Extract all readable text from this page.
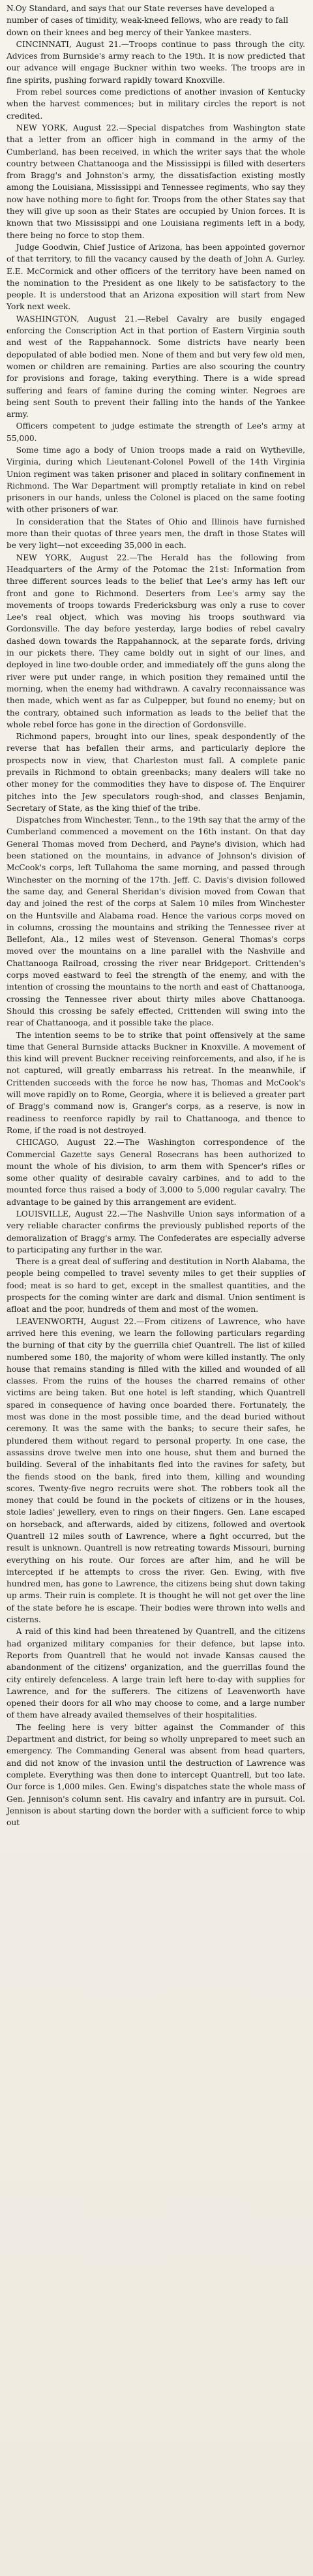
N.Oy Standard, and says that our State reverses have developed a number of cases of timidity, weak-kneed fellows, who are ready to fall down on their knees and beg mercy of their Yankee masters.

CINCINNATI, August 21.—Troops continue to pass through the city. Advices from Burnside's army reach to the 19th. It is now predicted that our advance will engage Buckner within two weeks. The troops are in fine spirits, pushing forward rapidly toward Knoxville.

From rebel sources come predictions of another invasion of Kentucky when the harvest commences; but in military circles the report is not credited.

NEW YORK, August 22.—Special dispatches from Washington state that a letter from an officer high in command in the army of the Cumberland, has been received, in which the writer says that the whole country between Chattanooga and the Mississippi is filled with deserters from Bragg's and Johnston's army, the dissatisfaction existing mostly among the Louisiana, Mississippi and Tennessee regiments, who say they now have nothing more to fight for. Troops from the other States say that they will give up soon as their States are occupied by Union forces. It is known that two Mississippi and one Louisiana regiments left in a body, there being no force to stop them.

Judge Goodwin, Chief Justice of Arizona, has been appointed governor of that territory, to fill the vacancy caused by the death of John A. Gurley. E.E. McCormick and other officers of the territory have been named on the nomination to the President as one likely to be satisfactory to the people. It is understood that an Arizona exposition will start from New York next week.

WASHINGTON, August 21.—Rebel Cavalry are busily engaged enforcing the Conscription Act in that portion of Eastern Virginia south and west of the Rappahannock. Some districts have nearly been depopulated of able bodied men. None of them and but very few old men, women or children are remaining. Parties are also scouring the country for provisions and forage, taking everything. There is a wide spread suffering and fears of famine during the coming winter. Negroes are being sent South to prevent their falling into the hands of the Yankee army.

Officers competent to judge estimate the strength of Lee's army at 55,000.

Some time ago a body of Union troops made a raid on Wytheville, Virginia, during which Lieutenant-Colonel Powell of the 14th Virginia Union regiment was taken prisoner and placed in solitary confinement in Richmond. The War Department will promptly retaliate in kind on rebel prisoners in our hands, unless the Colonel is placed on the same footing with other prisoners of war.

In consideration that the States of Ohio and Illinois have furnished more than their quotas of three years men, the draft in those States will be very light—not exceeding 35,000 in each.

NEW YORK, August 22.—The Herald has the following from Headquarters of the Army of the Potomac the 21st: Information from three different sources leads to the belief that Lee's army has left our front and gone to Richmond. Deserters from Lee's army say the movements of troops towards Fredericksburg was only a ruse to cover Lee's real object, which was moving his troops southward via Gordonsville. The day before yesterday, large bodies of rebel cavalry dashed down towards the Rappahannock, at the separate fords, driving in our pickets there. They came boldly out in sight of our lines, and deployed in line two-double order, and immediately off the guns along the river were put under range, in which position they remained until the morning, when the enemy had withdrawn. A cavalry reconnaissance was then made, which went as far as Culpepper, but found no enemy; but on the contrary, obtained such information as leads to the belief that the whole rebel force has gone in the direction of Gordonsville.

Richmond papers, brought into our lines, speak despondently of the reverse that has befallen their arms, and particularly deplore the prospects now in view, that Charleston must fall. A complete panic prevails in Richmond to obtain greenbacks; many dealers will take no other money for the commodities they have to dispose of. The Enquirer pitches into the Jew speculators rough-shod, and classes Benjamin, Secretary of State, as the king thief of the tribe.

Dispatches from Winchester, Tenn., to the 19th say that the army of the Cumberland commenced a movement on the 16th instant. On that day General Thomas moved from Decherd, and Payne's division, which had been stationed on the mountains, in advance of Johnson's division of McCook's corps, left Tullahoma the same morning, and passed through Winchester on the morning of the 17th. Jeff. C. Davis's division followed the same day, and General Sheridan's division moved from Cowan that day and joined the rest of the corps at Salem 10 miles from Winchester on the Huntsville and Alabama road. Hence the various corps moved on in columns, crossing the mountains and striking the Tennessee river at Bellefont, Ala., 12 miles west of Stevenson. General Thomas's corps moved over the mountains on a line parallel with the Nashville and Chattanooga Railroad, crossing the river near Bridgeport. Crittenden's corps moved eastward to feel the strength of the enemy, and with the intention of crossing the mountains to the north and east of Chattanooga, crossing the Tennessee river about thirty miles above Chattanooga. Should this crossing be safely effected, Crittenden will swing into the rear of Chattanooga, and it possible take the place.

The intention seems to be to strike that point offensively at the same time that General Burnside attacks Buckner in Knoxville. A movement of this kind will prevent Buckner receiving reinforcements, and also, if he is not captured, will greatly embarrass his retreat. In the meanwhile, if Crittenden succeeds with the force he now has, Thomas and McCook's will move rapidly on to Rome, Georgia, where it is believed a greater part of Bragg's command now is, Granger's corps, as a reserve, is now in readiness to reenforce rapidly by rail to Chattanooga, and thence to Rome, if the road is not destroyed.

CHICAGO, August 22.—The Washington correspondence of the Commercial Gazette says General Rosecrans has been authorized to mount the whole of his division, to arm them with Spencer's rifles or some other quality of desirable cavalry carbines, and to add to the mounted force thus raised a body of 3,000 to 5,000 regular cavalry. The advantage to be gained by this arrangement are evident.

LOUISVILLE, August 22.—The Nashville Union says information of a very reliable character confirms the previously published reports of the demoralization of Bragg's army. The Confederates are especially adverse to participating any further in the war.

There is a great deal of suffering and destitution in North Alabama, the people being compelled to travel seventy miles to get their supplies of food; meat is so hard to get, except in the smallest quantities, and the prospects for the coming winter are dark and dismal. Union sentiment is afloat and the poor, hundreds of them and most of the women.

LEAVENWORTH, August 22.—From citizens of Lawrence, who have arrived here this evening, we learn the following particulars regarding the burning of that city by the guerrilla chief Quantrell. The list of killed numbered some 180, the majority of whom were killed instantly. The only house that remains standing is filled with the killed and wounded of all classes. From the ruins of the houses the charred remains of other victims are being taken. But one hotel is left standing, which Quantrell spared in consequence of having once boarded there. Fortunately, the most was done in the most possible time, and the dead buried without ceremony. It was the same with the banks; to secure their safes, he plundered them without regard to personal property. In one case, the assassins drove twelve men into one house, shut them and burned the building. Several of the inhabitants fled into the ravines for safety, but the fiends stood on the bank, fired into them, killing and wounding scores. Twenty-five negro recruits were shot. The robbers took all the money that could be found in the pockets of citizens or in the houses, stole ladies' jewellery, even to rings on their fingers. Gen. Lane escaped on horseback, and afterwards, aided by citizens, followed and overtook Quantrell 12 miles south of Lawrence, where a fight occurred, but the result is unknown. Quantrell is now retreating towards Missouri, burning everything on his route. Our forces are after him, and he will be intercepted if he attempts to cross the river. Gen. Ewing, with five hundred men, has gone to Lawrence, the citizens being shut down taking up arms. Their ruin is complete. It is thought he will not get over the line of the state before he is escape. Their bodies were thrown into wells and cisterns.

A raid of this kind had been threatened by Quantrell, and the citizens had organized military companies for their defence, but lapse into. Reports from Quantrell that he would not invade Kansas caused the abandonment of the citizens' organization, and the guerrillas found the city entirely defenceless. A large train left here to-day with supplies for Lawrence, and for the sufferers. The citizens of Leavenworth have opened their doors for all who may choose to come, and a large number of them have already availed themselves of their hospitalities.

The feeling here is very bitter against the Commander of this Department and district, for being so wholly unprepared to meet such an emergency. The Commanding General was absent from head quarters, and did not know of the invasion until the destruction of Lawrence was complete. Everything was then done to intercept Quantrell, but too late. Our force is 1,000 miles. Gen. Ewing's dispatches state the whole mass of Gen. Jennison's column sent. His cavalry and infantry are in pursuit. Col. Jennison is about starting down the border with a sufficient force to whip out
